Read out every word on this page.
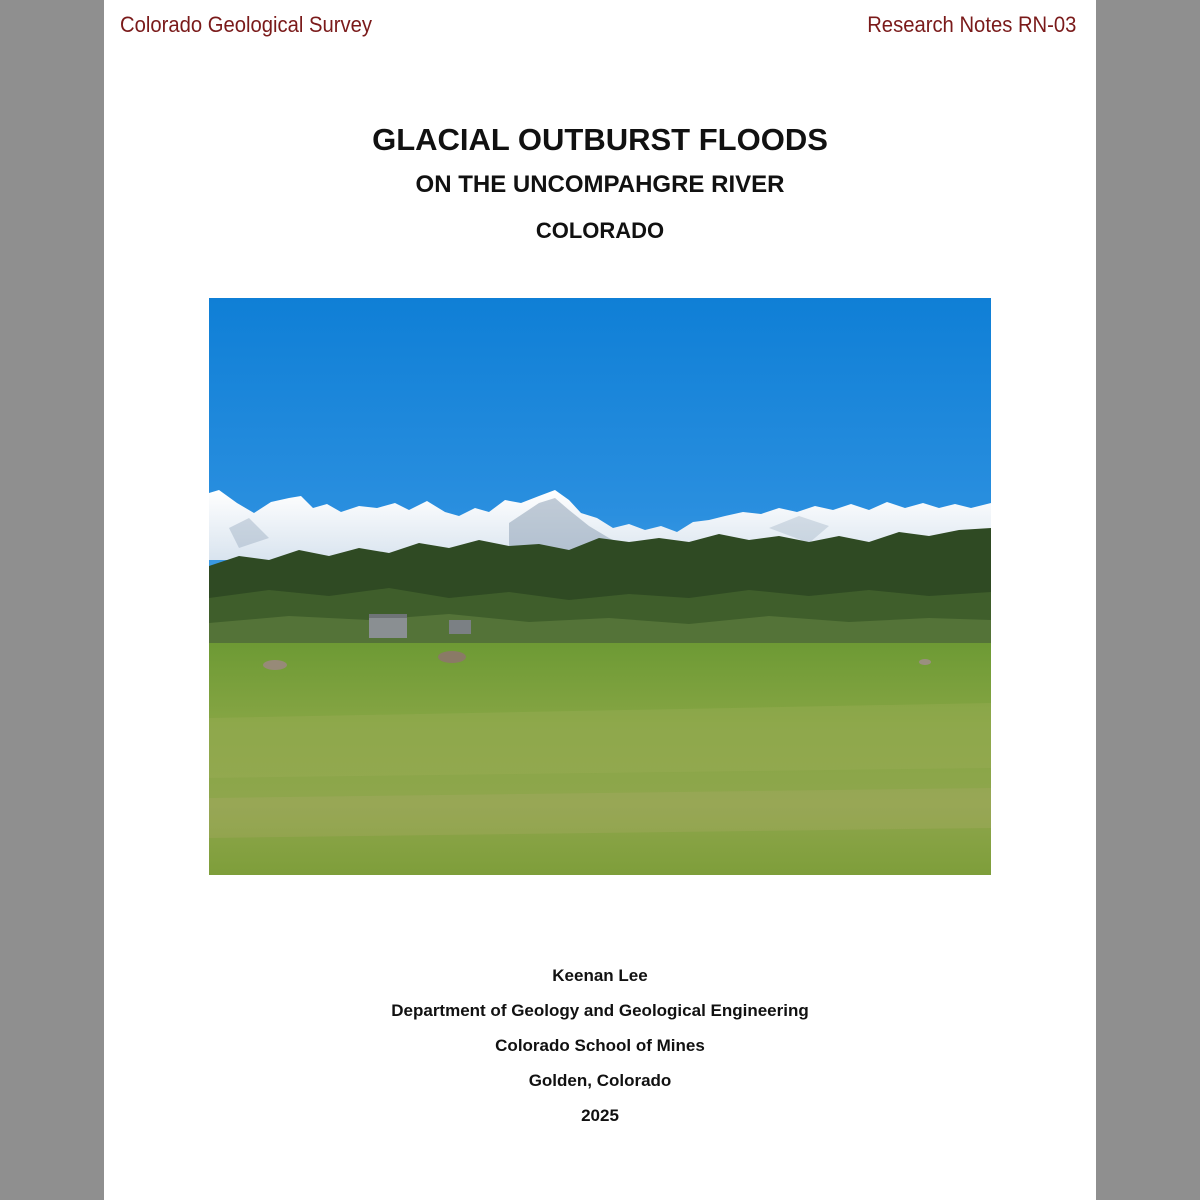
Colorado Geological Survey	Research Notes RN-03
GLACIAL OUTBURST FLOODS
ON THE UNCOMPAHGRE RIVER
COLORADO
Keenan Lee
Department of Geology and Geological Engineering
Colorado School of Mines
Golden, Colorado
2025
